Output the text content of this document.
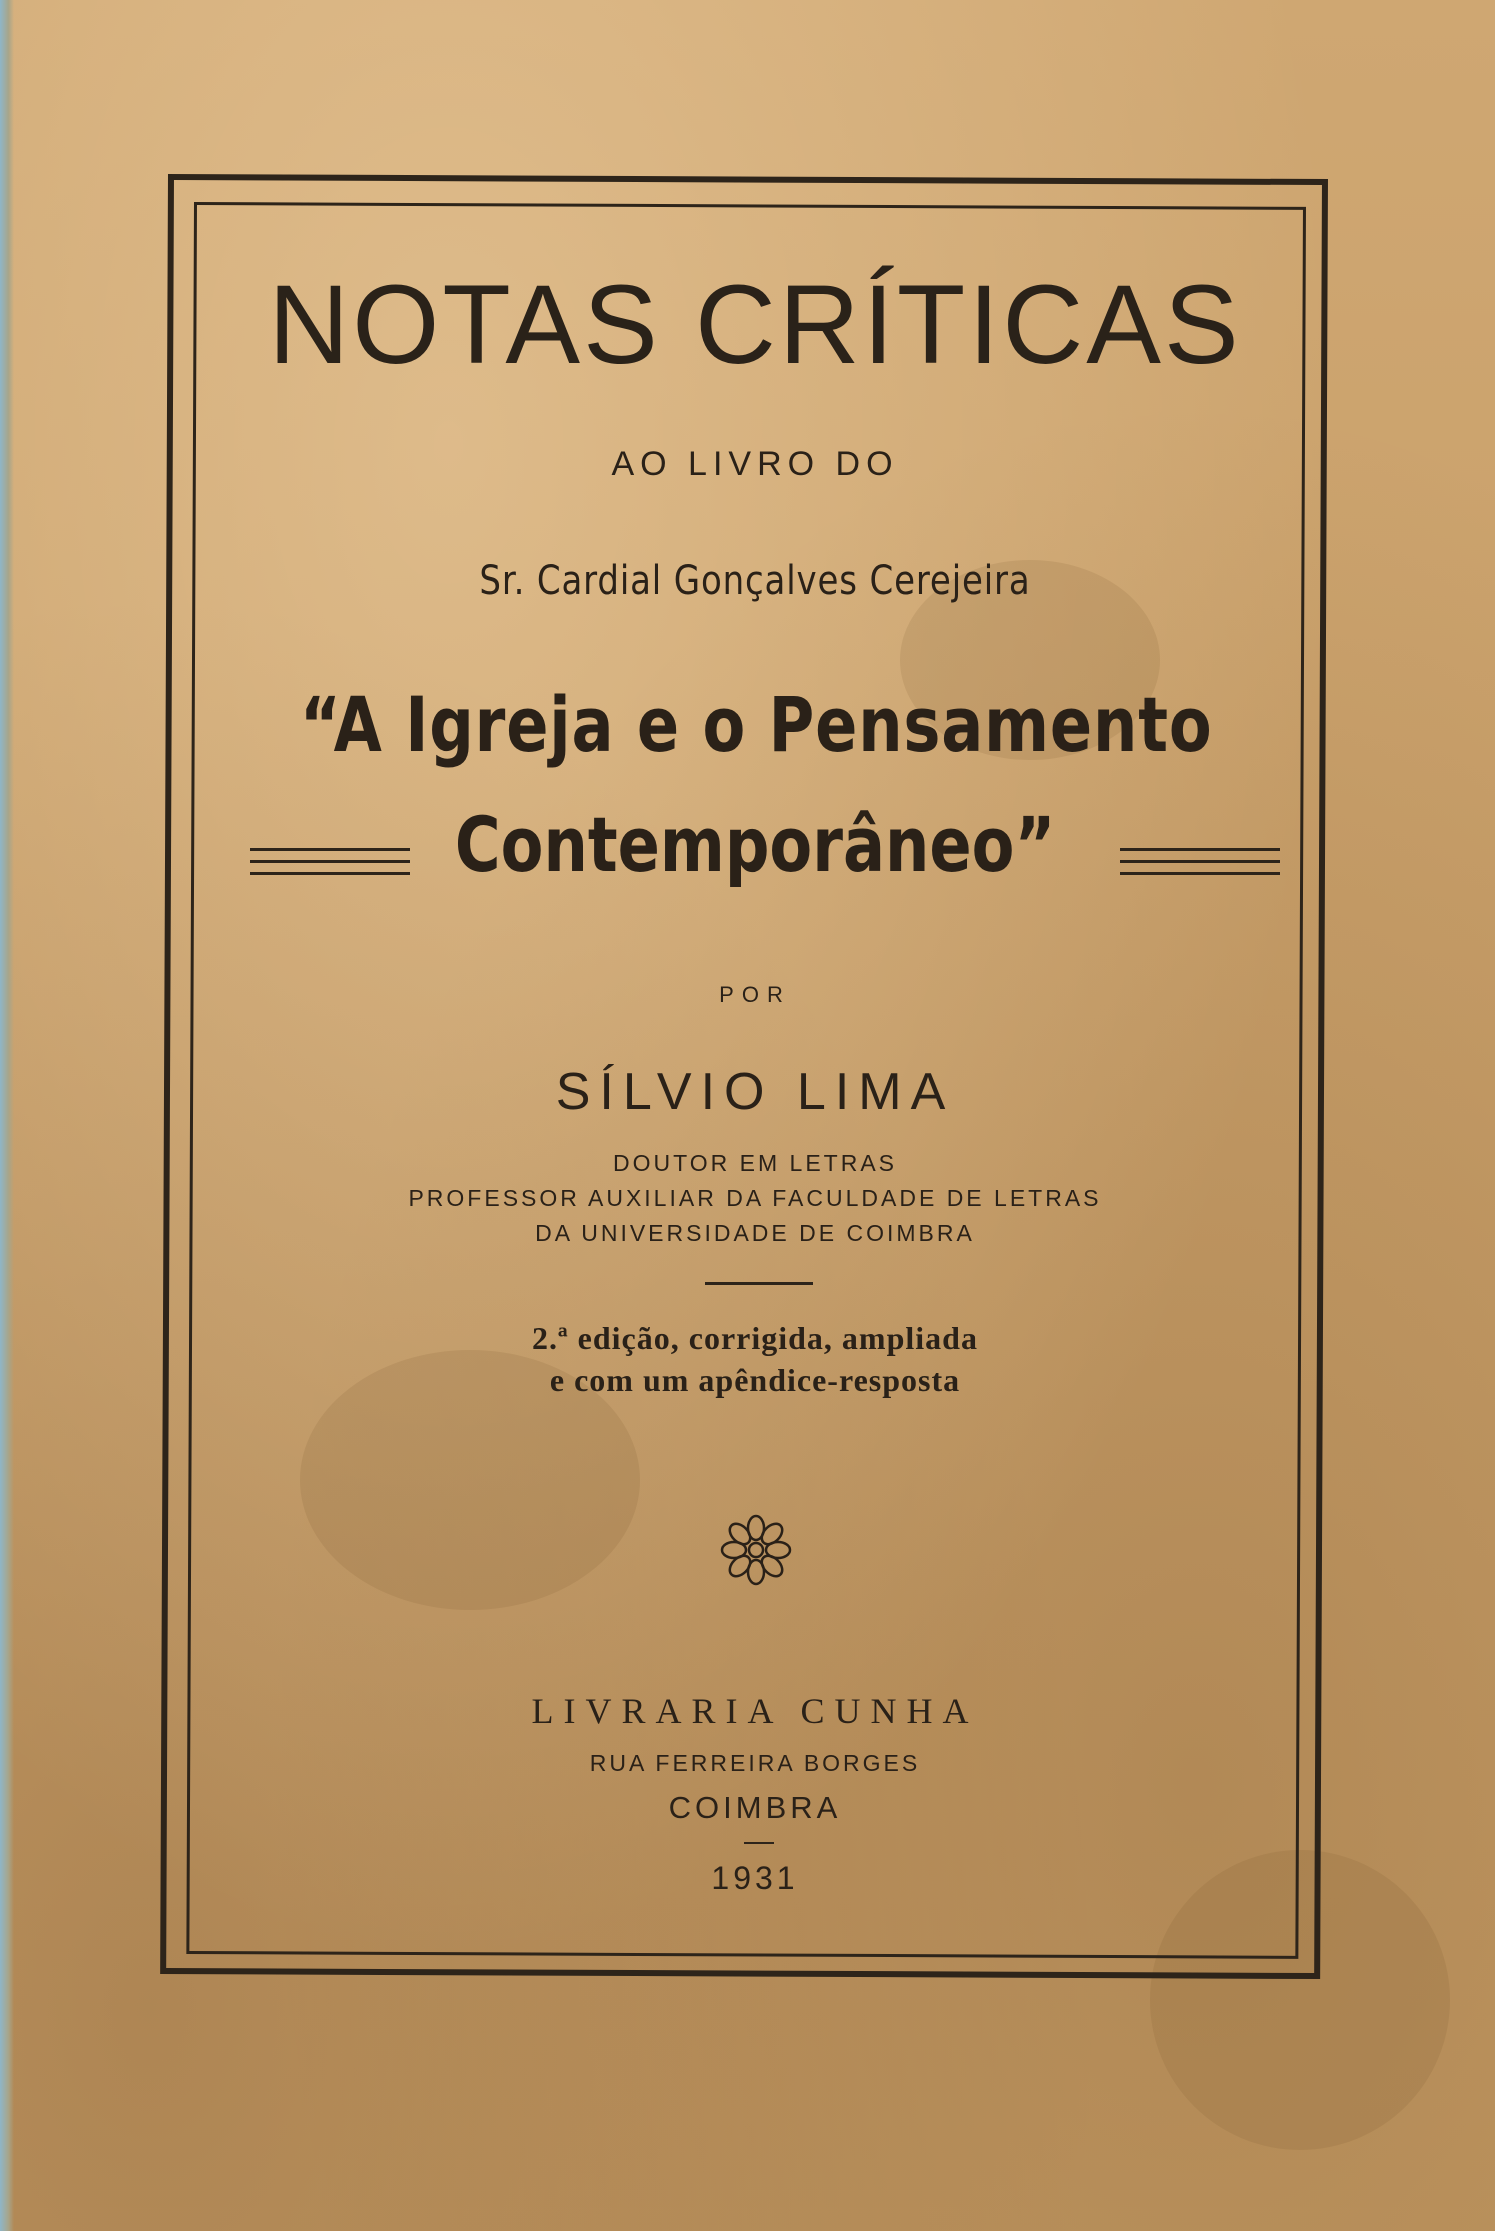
NOTAS CRÍTICAS
AO LIVRO DO
Sr. Cardial Gonçalves Cerejeira
“A Igreja e o Pensamento
Contemporâneo”
POR
SÍLVIO LIMA
DOUTOR EM LETRAS
PROFESSOR AUXILIAR DA FACULDADE DE LETRAS
DA UNIVERSIDADE DE COIMBRA
2.ª edição, corrigida, ampliada
e com um apêndice-resposta
LIVRARIA CUNHA
RUA FERREIRA BORGES
COIMBRA
1931
